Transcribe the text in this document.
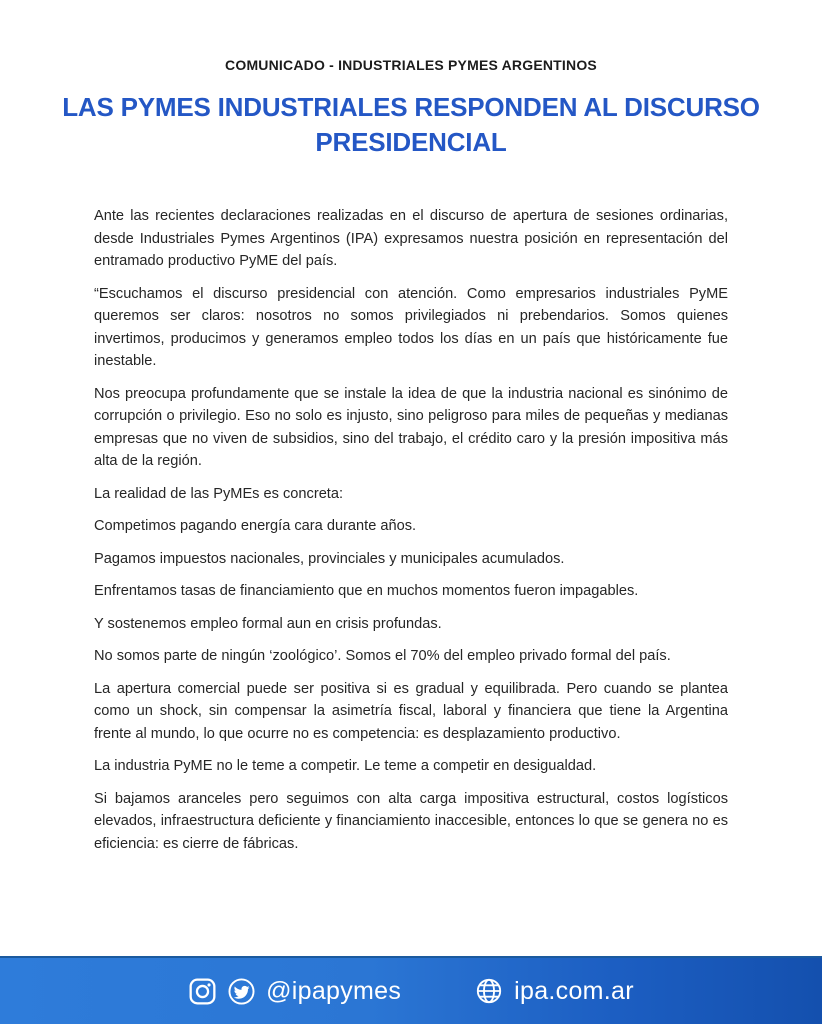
COMUNICADO - INDUSTRIALES PYMES ARGENTINOS
LAS PYMES INDUSTRIALES RESPONDEN AL DISCURSO
PRESIDENCIAL

Ante las recientes declaraciones realizadas en el discurso de apertura de sesiones ordinarias, desde Industriales Pymes Argentinos (IPA) expresamos nuestra posición en representación del entramado productivo PyME del país.

“Escuchamos el discurso presidencial con atención. Como empresarios industriales PyME queremos ser claros: nosotros no somos privilegiados ni prebendarios. Somos quienes invertimos, producimos y generamos empleo todos los días en un país que históricamente fue inestable.

Nos preocupa profundamente que se instale la idea de que la industria nacional es sinónimo de corrupción o privilegio. Eso no solo es injusto, sino peligroso para miles de pequeñas y medianas empresas que no viven de subsidios, sino del trabajo, el crédito caro y la presión impositiva más alta de la región.

La realidad de las PyMEs es concreta:

Competimos pagando energía cara durante años.

Pagamos impuestos nacionales, provinciales y municipales acumulados.

Enfrentamos tasas de financiamiento que en muchos momentos fueron impagables.

Y sostenemos empleo formal aun en crisis profundas.

No somos parte de ningún ‘zoológico’. Somos el 70% del empleo privado formal del país.

La apertura comercial puede ser positiva si es gradual y equilibrada. Pero cuando se plantea como un shock, sin compensar la asimetría fiscal, laboral y financiera que tiene la Argentina frente al mundo, lo que ocurre no es competencia: es desplazamiento productivo.

La industria PyME no le teme a competir. Le teme a competir en desigualdad.

Si bajamos aranceles pero seguimos con alta carga impositiva estructural, costos logísticos elevados, infraestructura deficiente y financiamiento inaccesible, entonces lo que se genera no es eficiencia: es cierre de fábricas.

@ipapymes	ipa.com.ar
